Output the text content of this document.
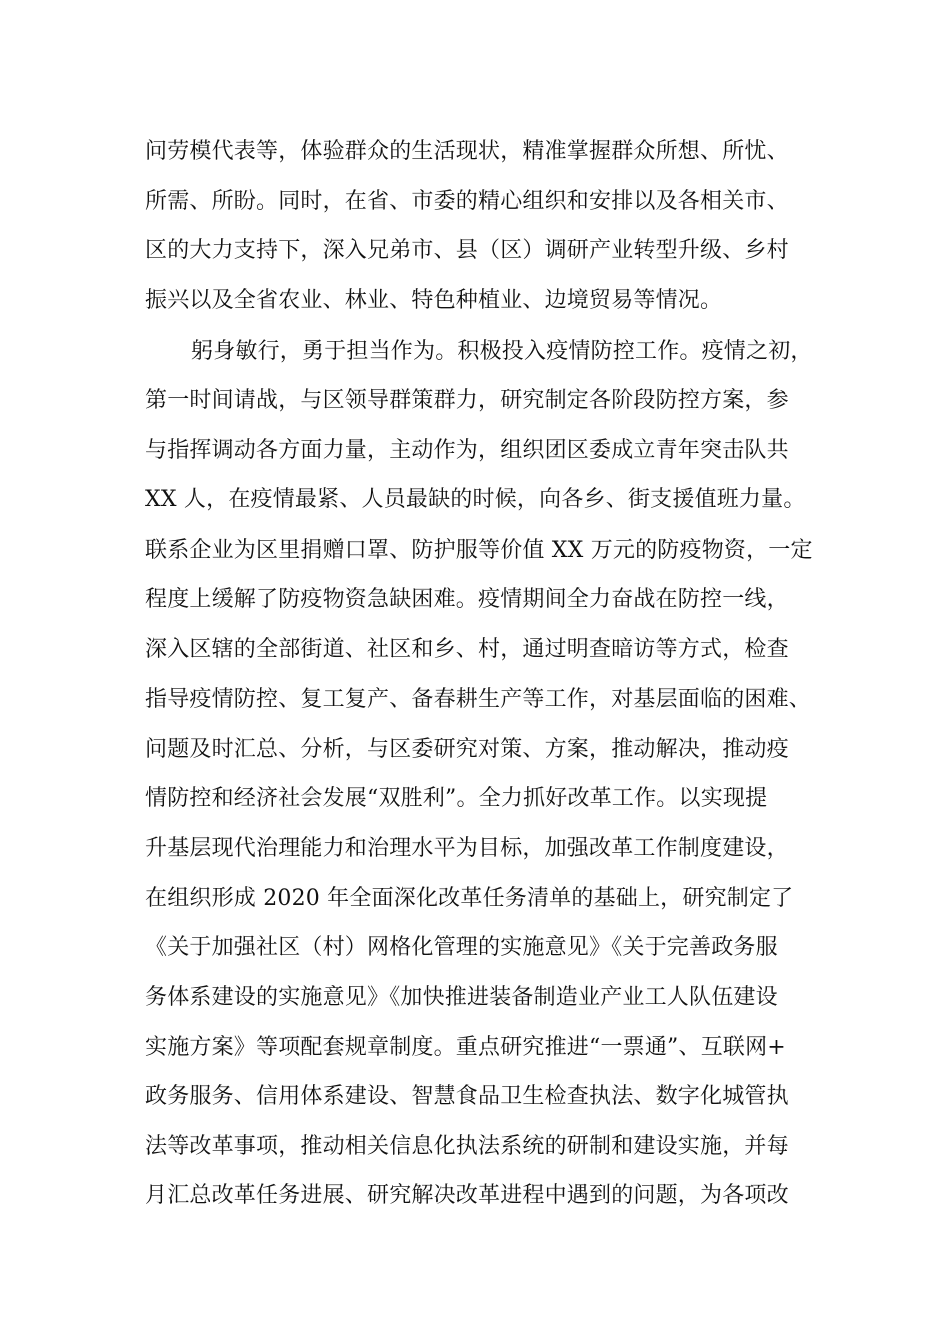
问劳模代表等，体验群众的生活现状，精准掌握群众所想、所忧、
所需、所盼。同时，在省、市委的精心组织和安排以及各相关市、
区的大力支持下，深入兄弟市、县（区）调研产业转型升级、乡村
振兴以及全省农业、林业、特色种植业、边境贸易等情况。
躬身敏行，勇于担当作为。积极投入疫情防控工作。疫情之初，
第一时间请战，与区领导群策群力，研究制定各阶段防控方案，参
与指挥调动各方面力量，主动作为，组织团区委成立青年突击队共
XX 人，在疫情最紧、人员最缺的时候，向各乡、街支援值班力量。
联系企业为区里捐赠口罩、防护服等价值 XX 万元的防疫物资，一定
程度上缓解了防疫物资急缺困难。疫情期间全力奋战在防控一线，
深入区辖的全部街道、社区和乡、村，通过明查暗访等方式，检查
指导疫情防控、复工复产、备春耕生产等工作，对基层面临的困难、
问题及时汇总、分析，与区委研究对策、方案，推动解决，推动疫
情防控和经济社会发展“双胜利”。全力抓好改革工作。以实现提
升基层现代治理能力和治理水平为目标，加强改革工作制度建设，
在组织形成 2020 年全面深化改革任务清单的基础上，研究制定了
《关于加强社区（村）网格化管理的实施意见》《关于完善政务服
务体系建设的实施意见》《加快推进装备制造业产业工人队伍建设
实施方案》等项配套规章制度。重点研究推进“一票通”、互联网+
政务服务、信用体系建设、智慧食品卫生检查执法、数字化城管执
法等改革事项，推动相关信息化执法系统的研制和建设实施，并每
月汇总改革任务进展、研究解决改革进程中遇到的问题，为各项改
